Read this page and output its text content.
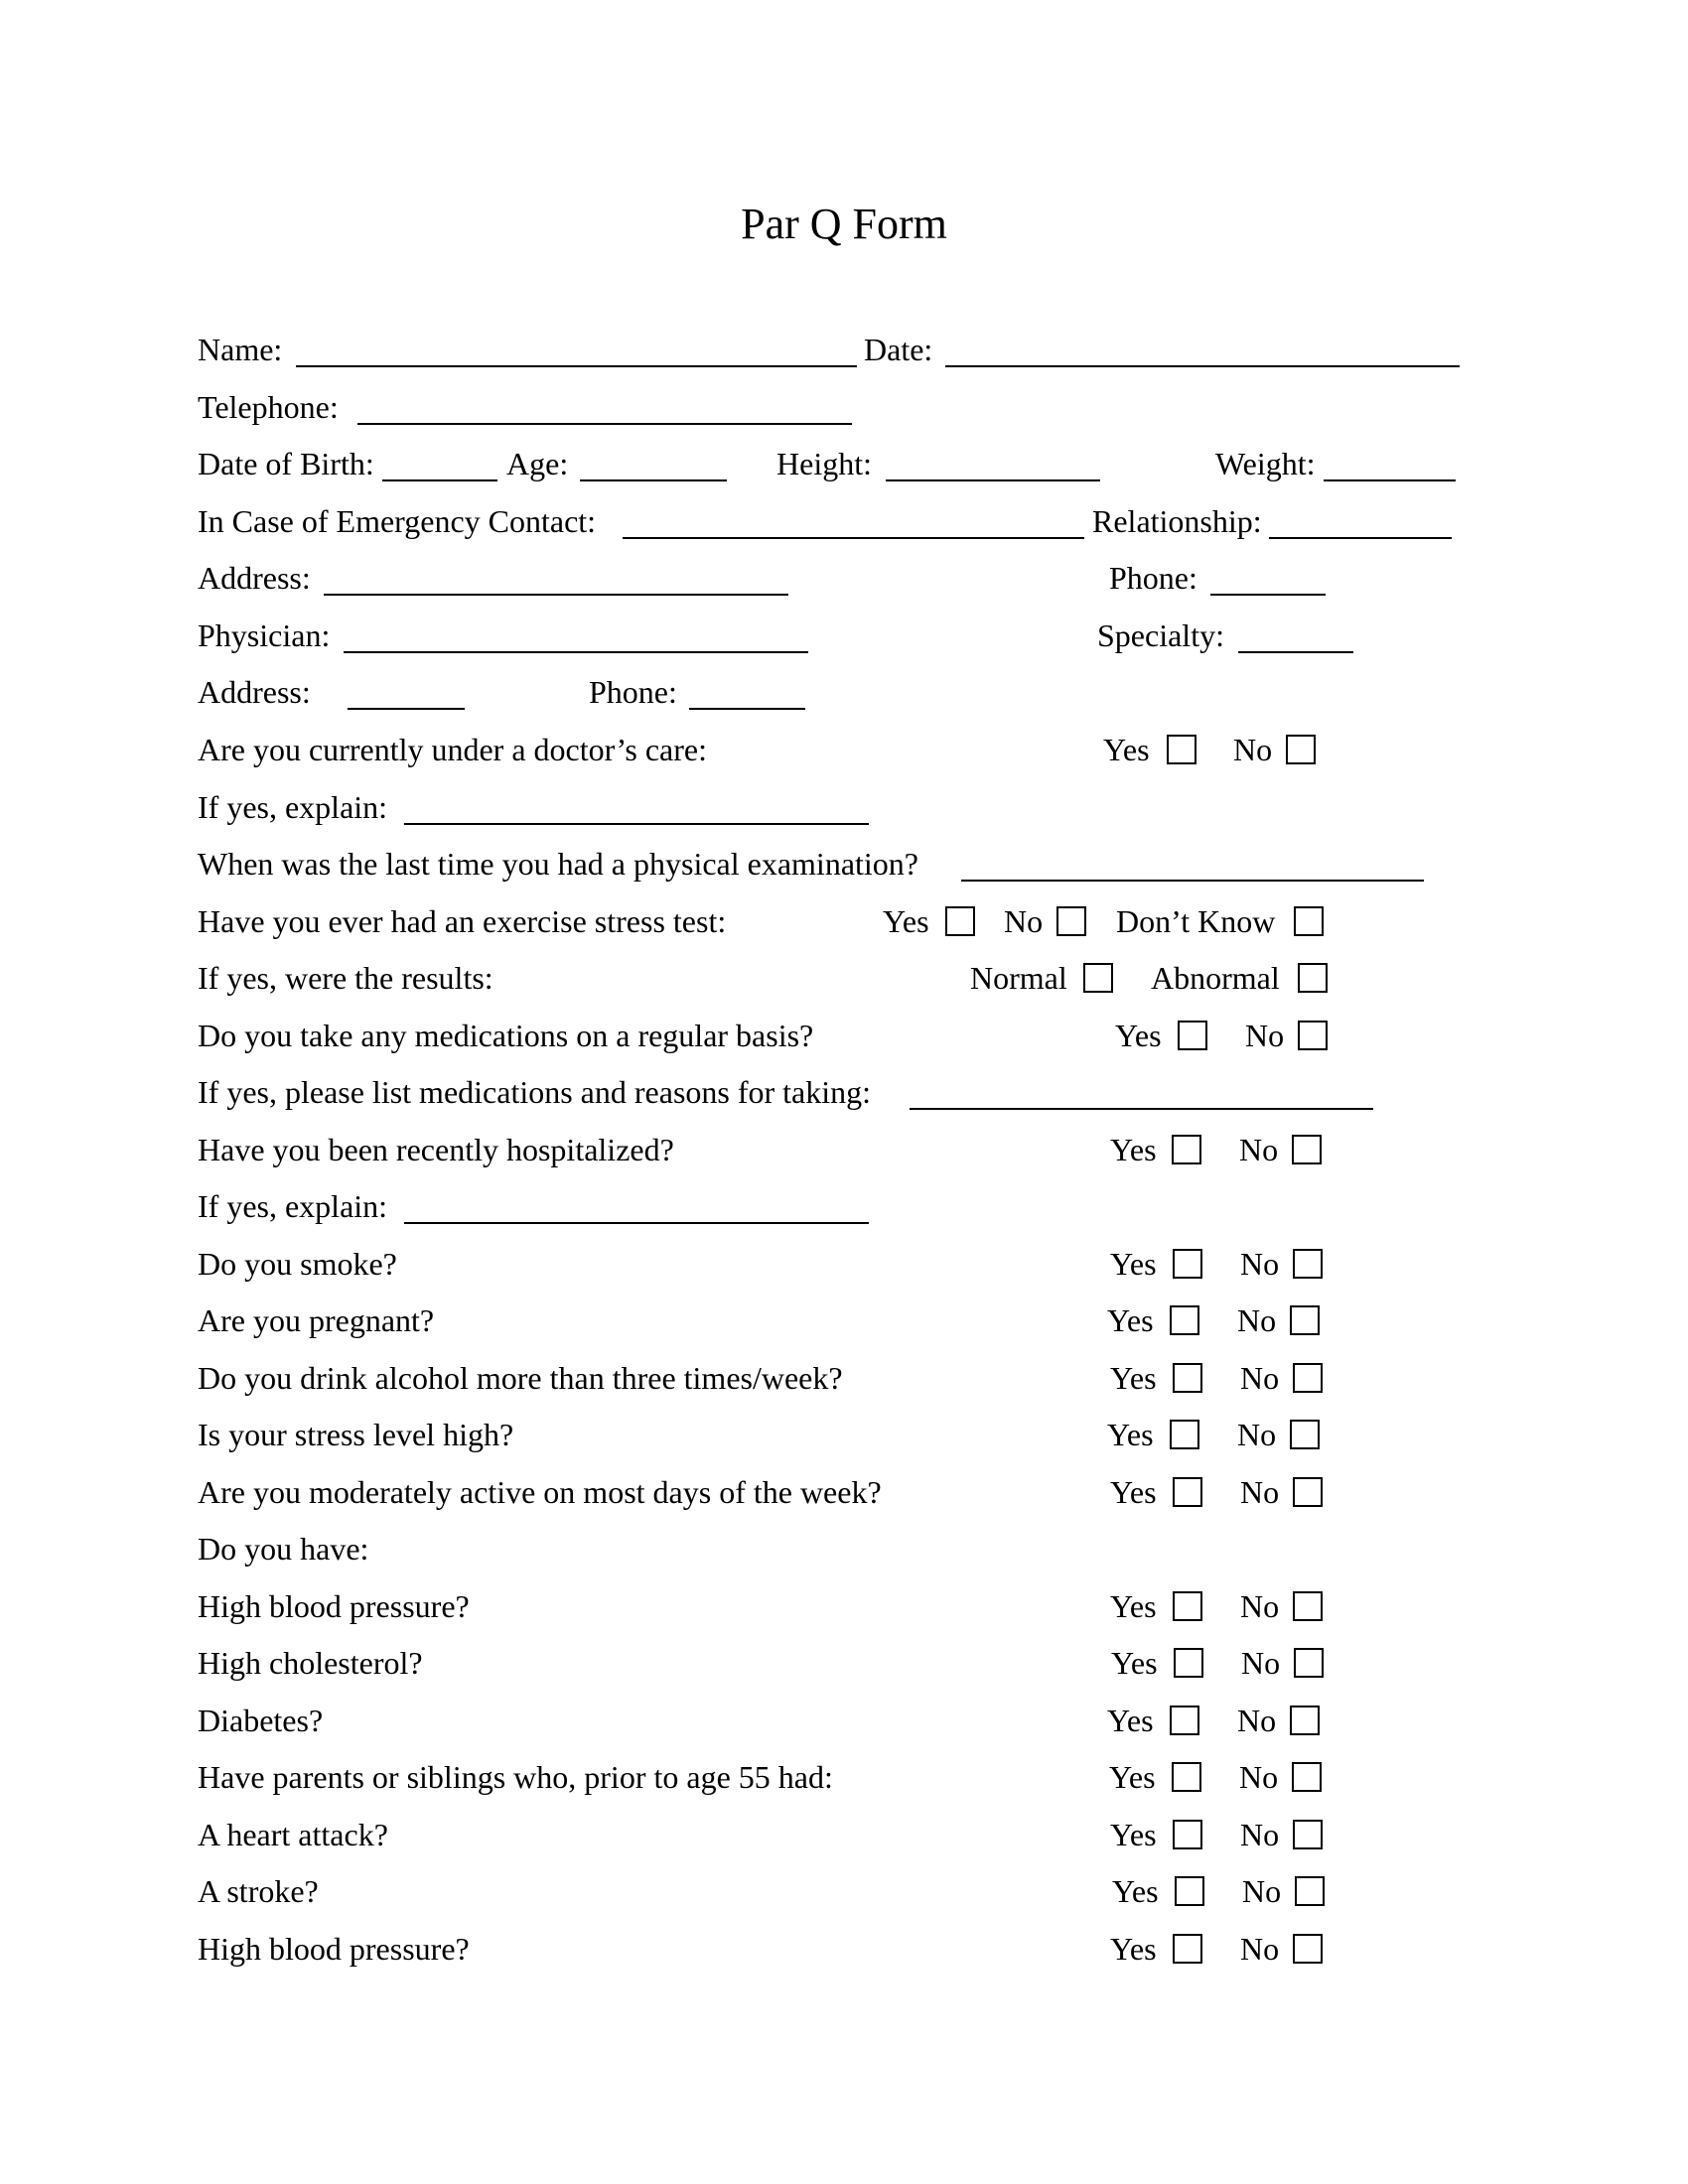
Par Q Form
Name:	Date:
Telephone:
Date of Birth:	Age:	Height:	Weight:
In Case of Emergency Contact:	Relationship:
Address:	Phone:
Physician:	Specialty:
Address:	Phone:
Are you currently under a doctor’s care:	Yes	No
If yes, explain:
When was the last time you had a physical examination?
Have you ever had an exercise stress test:	Yes No Don’t Know
If yes, were the results:	Normal	Abnormal
Do you take any medications on a regular basis?	Yes	No
If yes, please list medications and reasons for taking:
Have you been recently hospitalized?	Yes	No
If yes, explain:
Do you smoke?	Yes	No
Are you pregnant?	Yes	No
Do you drink alcohol more than three times/week?	Yes	No
Is your stress level high?	Yes	No
Are you moderately active on most days of the week?	Yes	No
Do you have:
High blood pressure?	Yes	No
High cholesterol?	Yes	No
Diabetes?	Yes	No
Have parents or siblings who, prior to age 55 had:	Yes	No
A heart attack?	Yes	No
A stroke?	Yes	No
High blood pressure?	Yes	No
